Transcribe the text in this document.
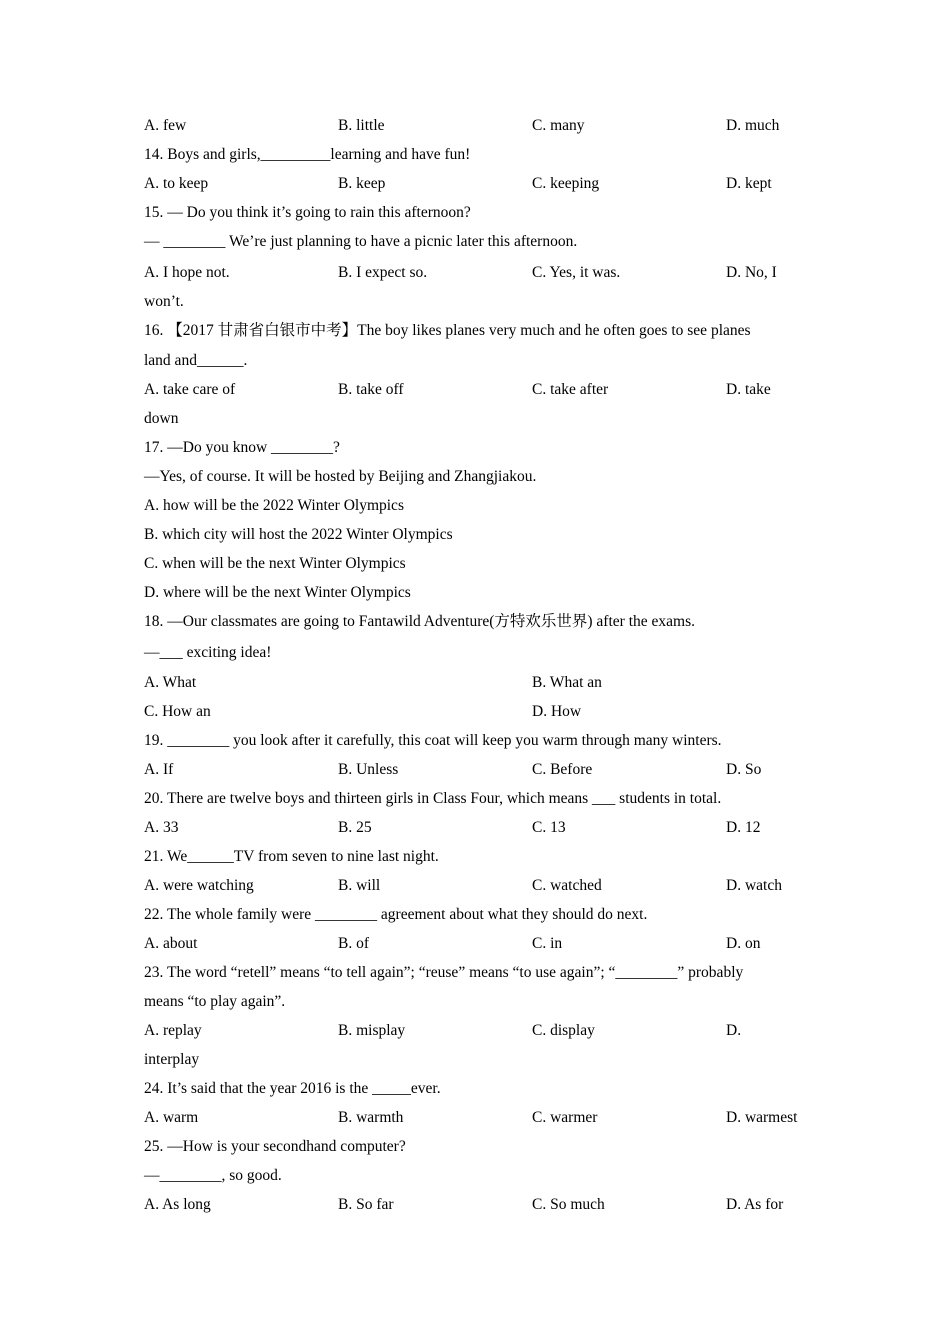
A. few	B. little	C. many	D. much
14. Boys and girls,_________learning and have fun!
A. to keep	B. keep	C. keeping	D. kept
15. — Do you think it’s going to rain this afternoon?
— ________ We’re just planning to have a picnic later this afternoon.
A. I hope not.	B. I expect so.	C. Yes, it was.	D. No, I
won’t.
16. 【2017 甘肃省白银市中考】The boy likes planes very much and he often goes to see planes
land and______.
A. take care of	B. take off	C. take after	D. take
down
17. —Do you know ________?
—Yes, of course. It will be hosted by Beijing and Zhangjiakou.
A. how will be the 2022 Winter Olympics
B. which city will host the 2022 Winter Olympics
C. when will be the next Winter Olympics
D. where will be the next Winter Olympics
18. —Our classmates are going to Fantawild Adventure(方特欢乐世界) after the exams.
—___ exciting idea!
A. What	B. What an
C. How an	D. How
19. ________ you look after it carefully, this coat will keep you warm through many winters.
A. If	B. Unless	C. Before	D. So
20. There are twelve boys and thirteen girls in Class Four, which means ___ students in total.
A. 33	B. 25	C. 13	D. 12
21. We______TV from seven to nine last night.
A. were watching	B. will	C. watched	D. watch
22. The whole family were ________ agreement about what they should do next.
A. about	B. of	C. in	D. on
23. The word “retell” means “to tell again”; “reuse” means “to use again”; “________” probably
means “to play again”.
A. replay	B. misplay	C. display	D.
interplay
24. It’s said that the year 2016 is the _____ever.
A. warm	B. warmth	C. warmer	D. warmest
25. —How is your secondhand computer?
—________, so good.
A. As long	B. So far	C. So much	D. As for
